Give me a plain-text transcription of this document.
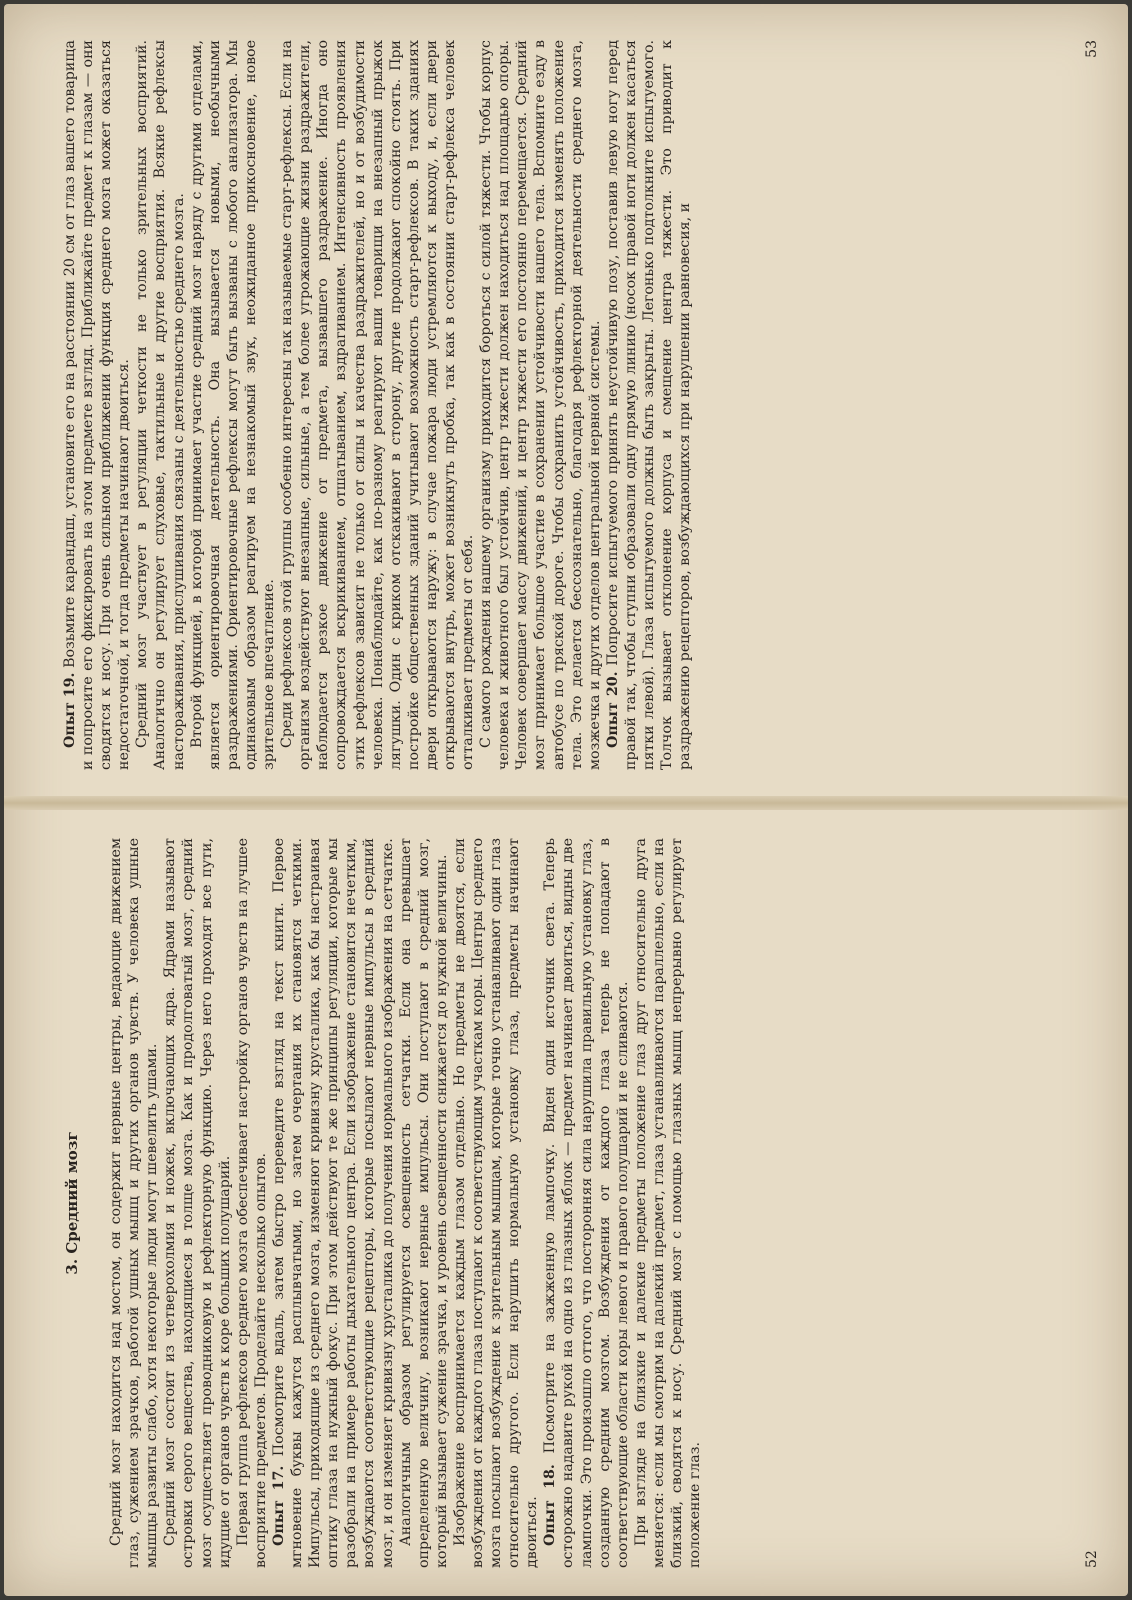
Опыт 19. Возьмите карандаш, установите его на расстоянии 20 см от глаз вашего товарища и попросите его фиксировать на этом предмете взгляд. Приближайте предмет к глазам — они сводятся к носу. При очень сильном приближении функция среднего мозга может оказаться недостаточной, и тогда предметы начинают двоиться. Средний мозг участвует в регуляции четкости не только зрительных восприятий. Аналогично он регулирует слуховые, тактильные и другие восприятия. Всякие рефлексы настораживания, прислушивания связаны с деятельностью среднего мозга. Второй функцией, в которой принимает участие средний мозг наряду с другими отделами, является ориентировочная деятельность. Она вызывается новыми, необычными раздражениями. Ориентировочные рефлексы могут быть вызваны с любого анализатора. Мы одинаковым образом реагируем на незнакомый звук, неожиданное прикосновение, новое зрительное впечатление. Среди рефлексов этой группы особенно интересны так называемые старт-рефлексы. Если на организм воздействуют внезапные, сильные, а тем более угрожающие жизни раздражители, наблюдается резкое движение от предмета, вызвавшего раздражение. Иногда оно сопровождается вскрикиванием, отшатыванием, вздрагиванием. Интенсивность проявления этих рефлексов зависит не только от силы и качества раздражителей, но и от возбудимости человека. Понаблюдайте, как по-разному реагируют ваши товарищи на внезапный прыжок лягушки. Один с криком отскакивают в сторону, другие продолжают спокойно стоять. При постройке общественных зданий учитывают возможность старт-рефлексов. В таких зданиях двери открываются наружу: в случае пожара люди устремляются к выходу, и, если двери открываются внутрь, может возникнуть пробка, так как в состоянии старт-рефлекса человек отталкивает предметы от себя. С самого рождения нашему организму приходится бороться с силой тяжести. Чтобы корпус человека и животного был устойчив, центр тяжести должен находиться над площадью опоры. Человек совершает массу движений, и центр тяжести его постоянно перемещается. Средний мозг принимает большое участие в сохранении устойчивости нашего тела. Вспомните езду в автобусе по тряской дороге. Чтобы сохранить устойчивость, приходится изменять положение тела. Это делается бессознательно, благодаря рефлекторной деятельности среднего мозга, мозжечка и других отделов центральной нервной системы. Опыт 20. Попросите испытуемого принять неустойчивую позу, поставив левую ногу перед правой так, чтобы ступни образовали одну прямую линию (носок правой ноги должен касаться пятки левой). Глаза испытуемого должны быть закрыты. Легонько подтолкните испытуемого. Толчок вызывает отклонение корпуса и смещение центра тяжести. Это приводит к раздражению рецепторов, возбуждающихся при нарушении равновесия, и

53
3. Средний мозг Средний мозг находится над мостом, он содержит нервные центры, ведающие движением глаз, сужением зрачков, работой ушных мышц и других органов чувств. У человека ушные мышцы развиты слабо, хотя некоторые люди могут шевелить ушами. Средний мозг состоит из четверохолмия и ножек, включающих ядра. Ядрами называют островки серого вещества, находящиеся в толще мозга. Как и продолговатый мозг, средний мозг осуществляет проводниковую и рефлекторную функцию. Через него проходят все пути, идущие от органов чувств к коре больших полушарий. Первая группа рефлексов среднего мозга обеспечивает настройку органов чувств на лучшее восприятие предметов. Проделайте несколько опытов. Опыт 17. Посмотрите вдаль, затем быстро переведите взгляд на текст книги. Первое мгновение буквы кажутся расплывчатыми, но затем очертания их становятся четкими. Импульсы, приходящие из среднего мозга, изменяют кривизну хрусталика, как бы настраивая оптику глаза на нужный фокус. При этом действуют те же принципы регуляции, которые мы разобрали на примере работы дыхательного центра. Если изображение становится нечетким, возбуждаются соответствующие рецепторы, которые посылают нервные импульсы в средний мозг, и он изменяет кривизну хрусталика до получения нормального изображения на сетчатке. Аналогичным образом регулируется освещенность сетчатки. Если она превышает определенную величину, возникают нервные импульсы. Они поступают в средний мозг, который вызывает сужение зрачка, и уровень освещенности снижается до нужной величины. Изображение воспринимается каждым глазом отдельно. Но предметы не двоятся, если возбуждения от каждого глаза поступают к соответствующим участкам коры. Центры среднего мозга посылают возбуждение к зрительным мышцам, которые точно устанавливают один глаз относительно другого. Если нарушить нормальную установку глаза, предметы начинают двоиться. Опыт 18. Посмотрите на зажженную лампочку. Виден один источник света. Теперь осторожно надавите рукой на одно из глазных яблок — предмет начинает двоиться, видны две лампочки. Это произошло оттого, что посторонняя сила нарушила правильную установку глаз, созданную средним мозгом. Возбуждения от каждого глаза теперь не попадают в соответствующие области коры левого и правого полушарий и не сливаются. При взгляде на близкие и далекие предметы положение глаз друг относительно друга меняется: если мы смотрим на далекий предмет, глаза устанавливаются параллельно, если на близкий, сводятся к носу. Средний мозг с помощью глазных мышц непрерывно регулирует положение глаз.	52
